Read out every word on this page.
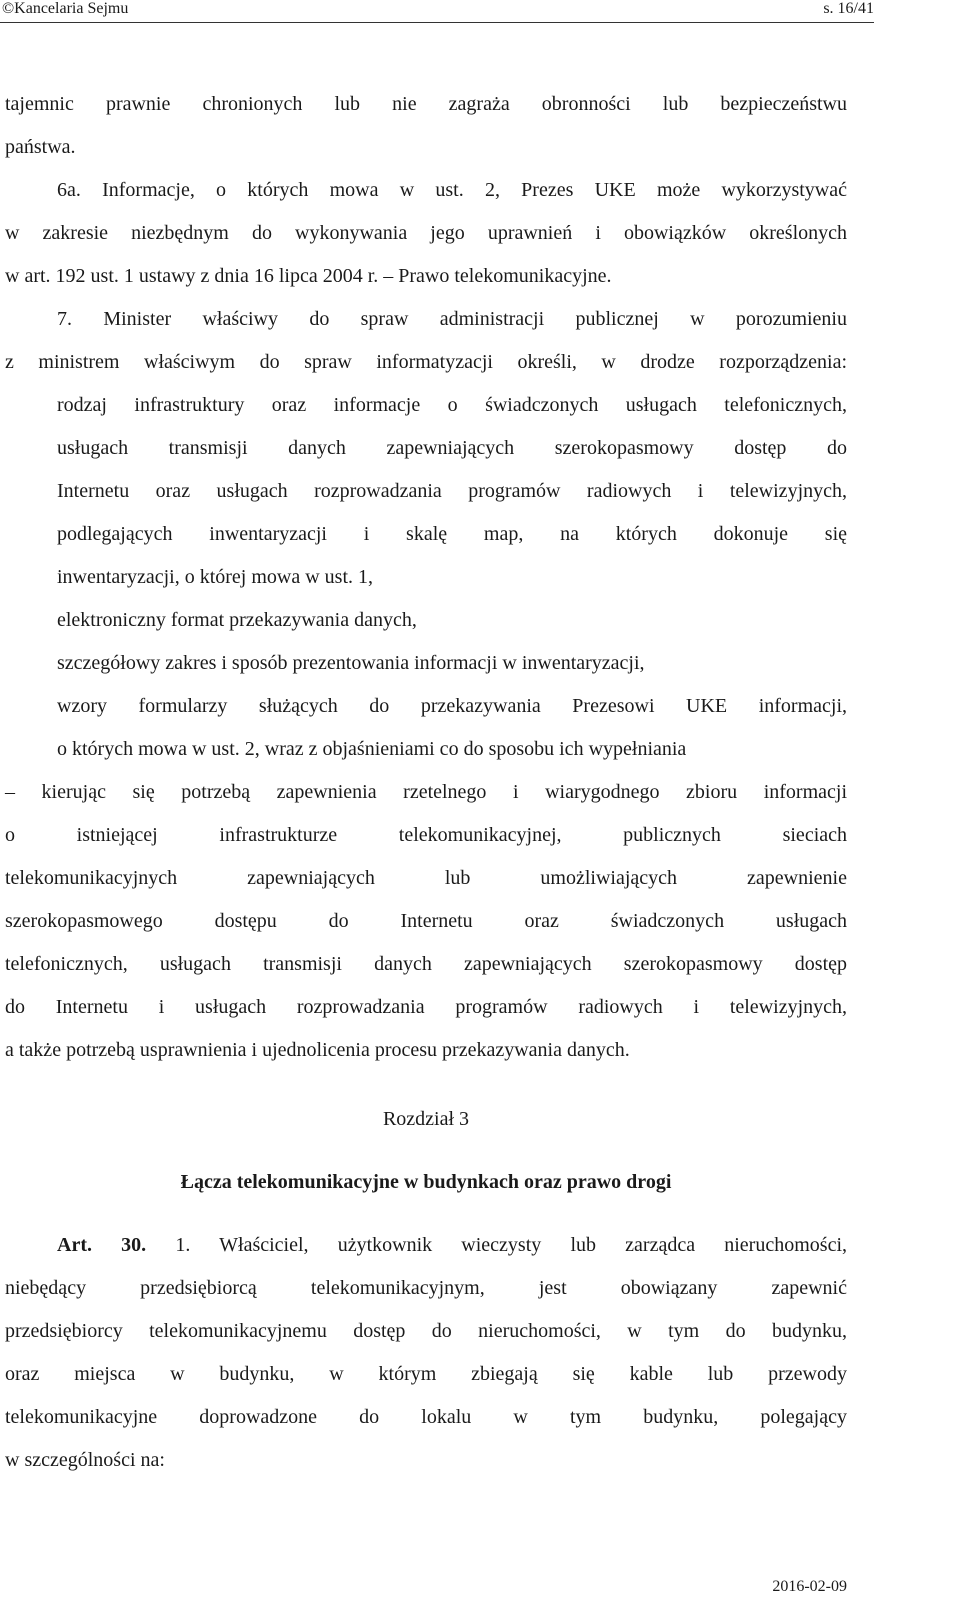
©Kancelaria Sejmu	s. 16/41

tajemnic prawnie chronionych lub nie zagraża obronności lub bezpieczeństwu

państwa.

6a. Informacje, o których mowa w ust. 2, Prezes UKE może wykorzystywać

w zakresie niezbędnym do wykonywania jego uprawnień i obowiązków określonych

w art. 192 ust. 1 ustawy z dnia 16 lipca 2004 r. – Prawo telekomunikacyjne.

7. Minister właściwy do spraw administracji publicznej w porozumieniu

z ministrem właściwym do spraw informatyzacji określi, w drodze rozporządzenia:

rodzaj infrastruktury oraz informacje o świadczonych usługach telefonicznych,

usługach transmisji danych zapewniających szerokopasmowy dostęp do

Internetu oraz usługach rozprowadzania programów radiowych i telewizyjnych,

podlegających inwentaryzacji i skalę map, na których dokonuje się

inwentaryzacji, o której mowa w ust. 1,

elektroniczny format przekazywania danych,

szczegółowy zakres i sposób prezentowania informacji w inwentaryzacji,

wzory formularzy służących do przekazywania Prezesowi UKE informacji,

o których mowa w ust. 2, wraz z objaśnieniami co do sposobu ich wypełniania

– kierując się potrzebą zapewnienia rzetelnego i wiarygodnego zbioru informacji

o istniejącej infrastrukturze telekomunikacyjnej, publicznych sieciach

telekomunikacyjnych zapewniających lub umożliwiających zapewnienie

szerokopasmowego dostępu do Internetu oraz świadczonych usługach

telefonicznych, usługach transmisji danych zapewniających szerokopasmowy dostęp

do Internetu i usługach rozprowadzania programów radiowych i telewizyjnych,

a także potrzebą usprawnienia i ujednolicenia procesu przekazywania danych.

Rozdział 3

Łącza telekomunikacyjne w budynkach oraz prawo drogi

Art. 30. 1. Właściciel, użytkownik wieczysty lub zarządca nieruchomości,

niebędący przedsiębiorcą telekomunikacyjnym, jest obowiązany zapewnić

przedsiębiorcy telekomunikacyjnemu dostęp do nieruchomości, w tym do budynku,

oraz miejsca w budynku, w którym zbiegają się kable lub przewody

telekomunikacyjne doprowadzone do lokalu w tym budynku, polegający

w szczególności na:

2016-02-09
